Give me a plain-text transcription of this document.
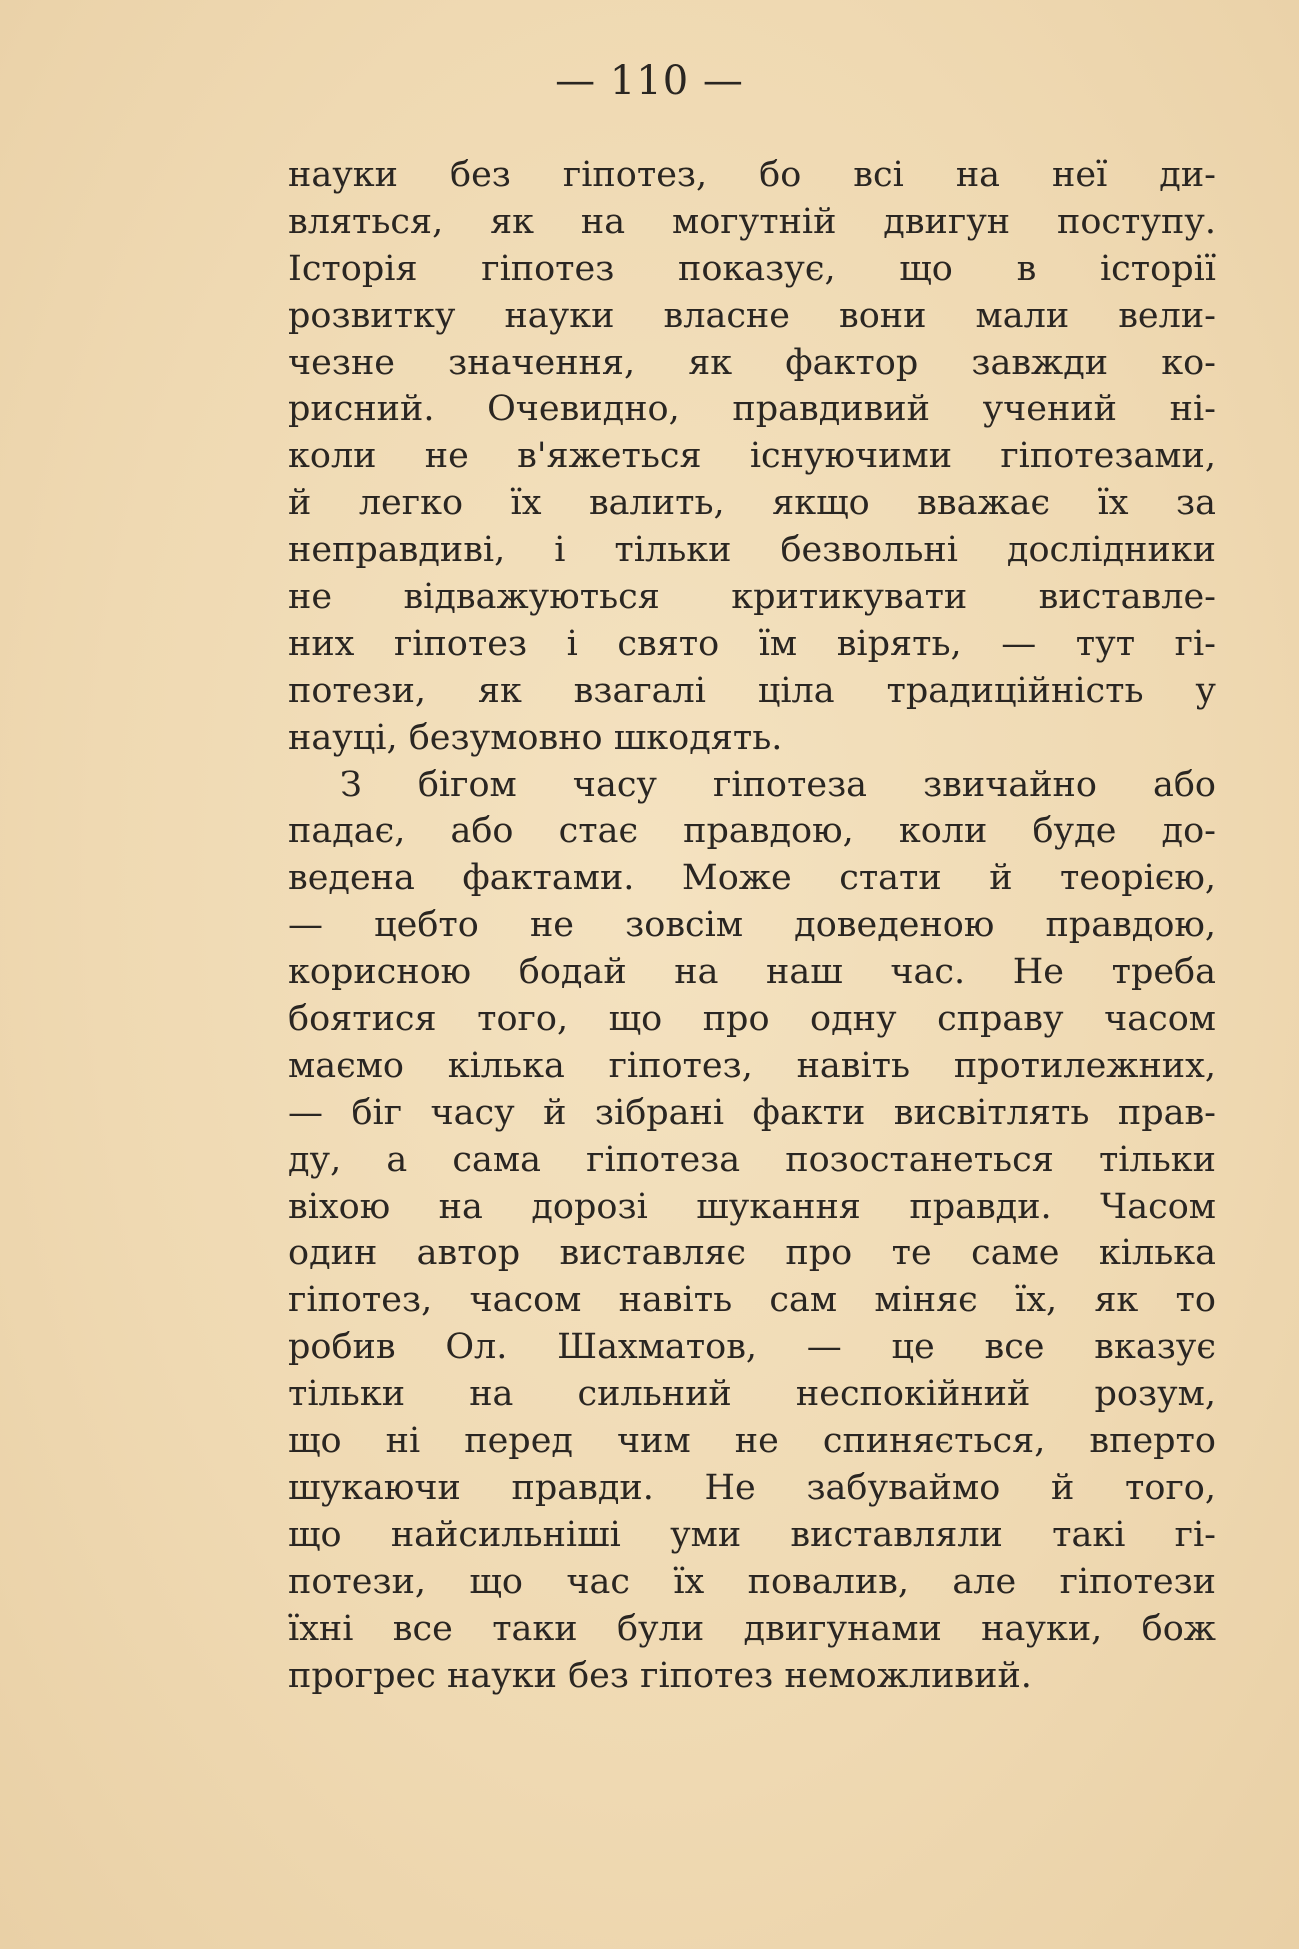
— 110 —
науки без гіпотез, бо всі на неї ди-
вляться, як на могутній двигун поступу.
Історія гіпотез показує, що в історії
розвитку науки власне вони мали вели-
чезне значення, як фактор завжди ко-
рисний. Очевидно, правдивий учений ні-
коли не в'яжеться існуючими гіпотезами,
й легко їх валить, якщо вважає їх за
неправдиві, і тільки безвольні дослідники
не відважуються критикувати виставле-
них гіпотез і свято їм вірять, — тут гі-
потези, як взагалі ціла традиційність у
науці, безумовно шкодять.
З бігом часу гіпотеза звичайно або
падає, або стає правдою, коли буде до-
ведена фактами. Може стати й теорією,
— цебто не зовсім доведеною правдою,
корисною бодай на наш час. Не треба
боятися того, що про одну справу часом
маємо кілька гіпотез, навіть протилежних,
— біг часу й зібрані факти висвітлять прав-
ду, а сама гіпотеза позостанеться тільки
віхою на дорозі шукання правди. Часом
один автор виставляє про те саме кілька
гіпотез, часом навіть сам міняє їх, як то
робив Ол. Шахматов, — це все вказує
тільки на сильний неспокійний розум,
що ні перед чим не спиняється, вперто
шукаючи правди. Не забуваймо й того,
що найсильніші уми виставляли такі гі-
потези, що час їх повалив, але гіпотези
їхні все таки були двигунами науки, бож
прогрес науки без гіпотез неможливий.
